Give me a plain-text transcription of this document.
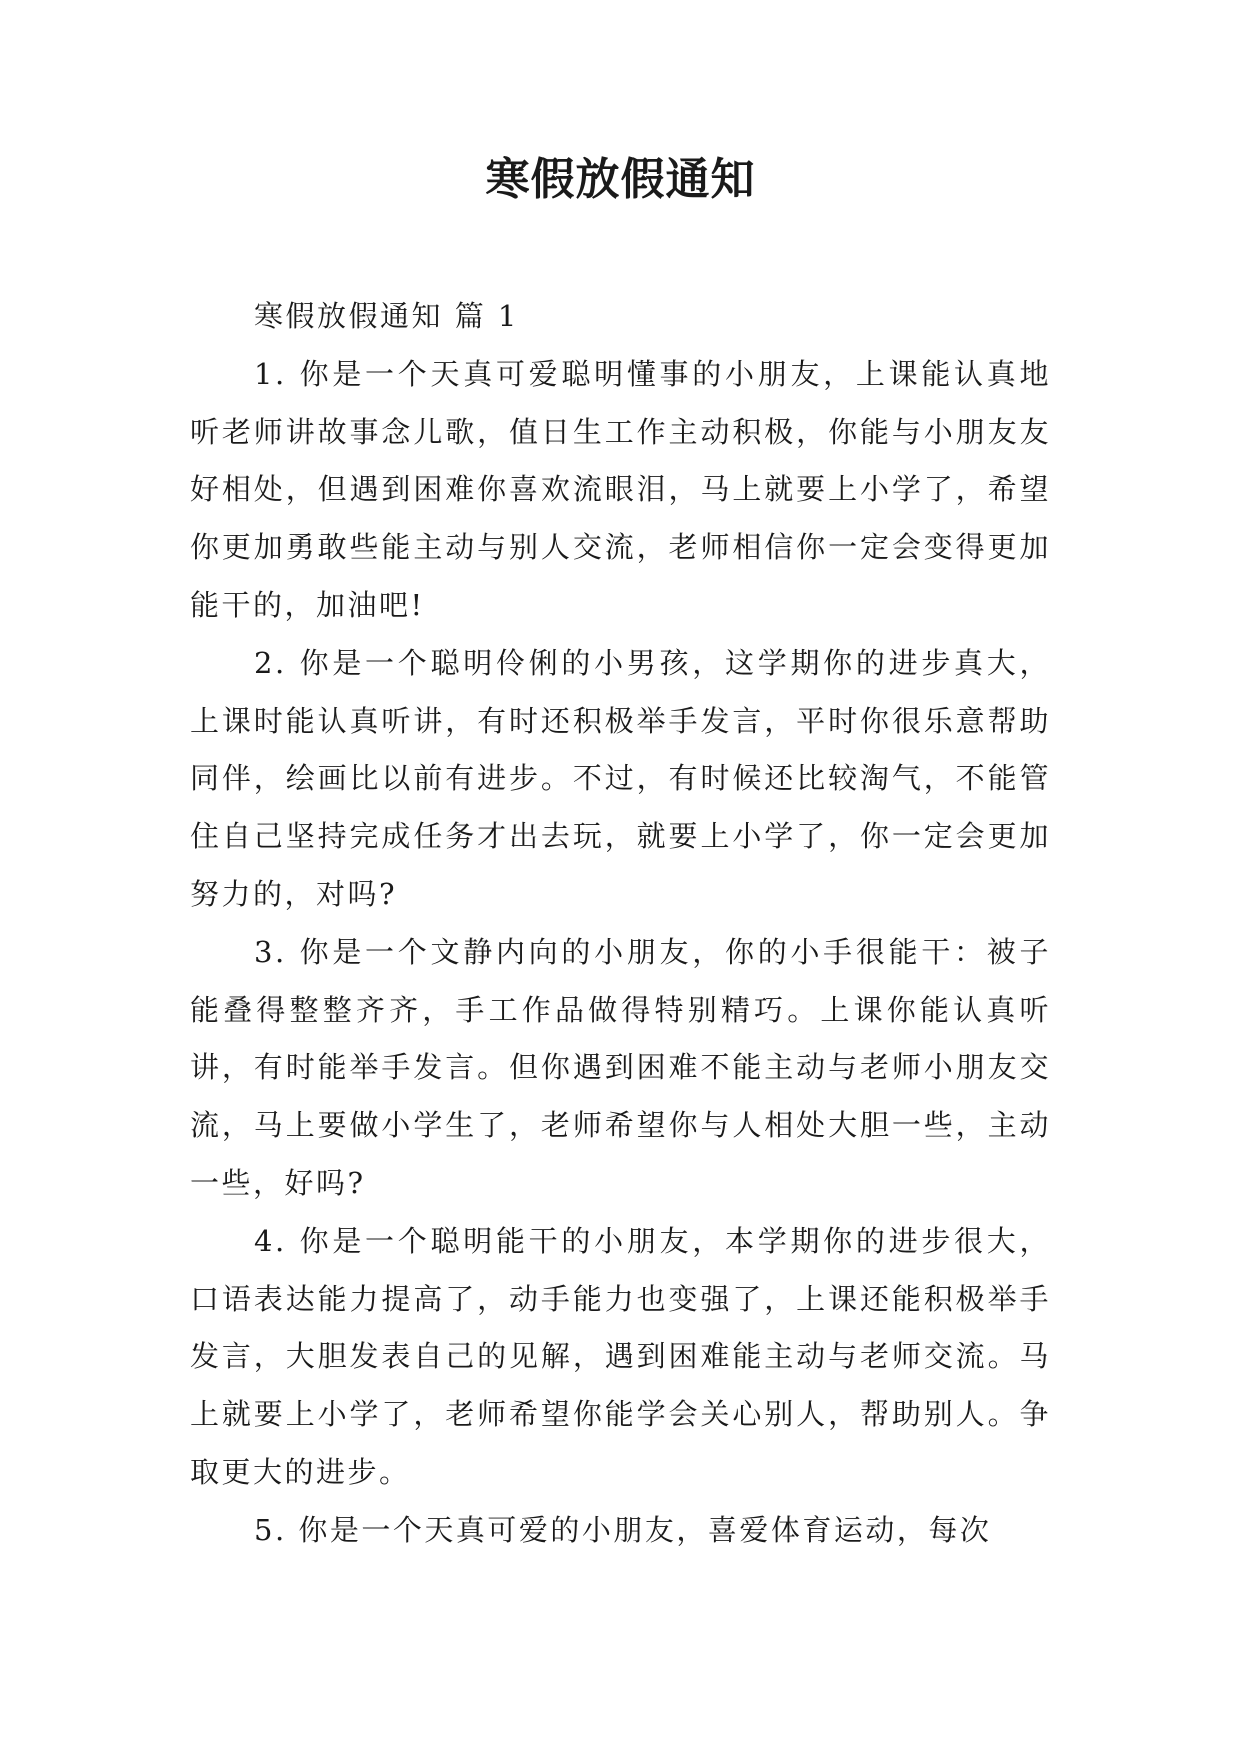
寒假放假通知

寒假放假通知 篇 1

1. 你是一个天真可爱聪明懂事的小朋友，上课能认真地听老师讲故事念儿歌，值日生工作主动积极，你能与小朋友友好相处，但遇到困难你喜欢流眼泪，马上就要上小学了，希望你更加勇敢些能主动与别人交流，老师相信你一定会变得更加能干的，加油吧!

2. 你是一个聪明伶俐的小男孩，这学期你的进步真大，上课时能认真听讲，有时还积极举手发言，平时你很乐意帮助同伴，绘画比以前有进步。不过，有时候还比较淘气，不能管住自己坚持完成任务才出去玩，就要上小学了，你一定会更加努力的，对吗?

3. 你是一个文静内向的小朋友，你的小手很能干：被子能叠得整整齐齐，手工作品做得特别精巧。上课你能认真听讲，有时能举手发言。但你遇到困难不能主动与老师小朋友交流，马上要做小学生了，老师希望你与人相处大胆一些，主动一些，好吗?

4. 你是一个聪明能干的小朋友，本学期你的进步很大，口语表达能力提高了，动手能力也变强了，上课还能积极举手发言，大胆发表自己的见解，遇到困难能主动与老师交流。马上就要上小学了，老师希望你能学会关心别人，帮助别人。争取更大的进步。

5. 你是一个天真可爱的小朋友，喜爱体育运动，每次
